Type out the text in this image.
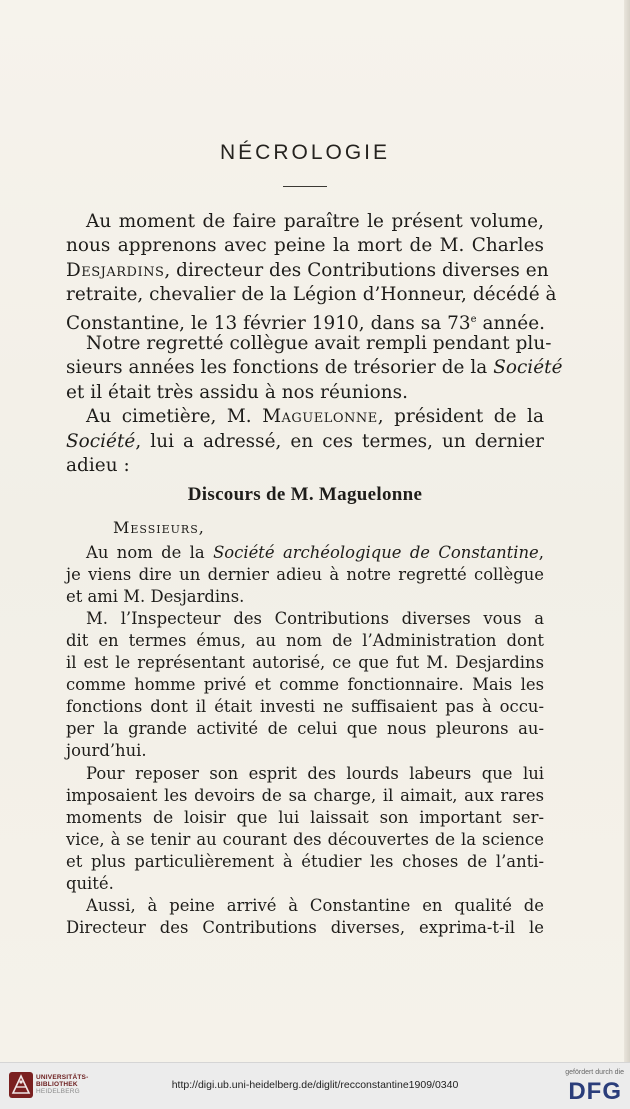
NÉCROLOGIE
Au moment de faire paraître le présent volume,
nous apprenons avec peine la mort de M. Charles
Desjardins, directeur des Contributions diverses en
retraite, chevalier de la Légion d’Honneur, décédé à
Constantine, le 13 février 1910, dans sa 73e année.
Notre regretté collègue avait rempli pendant plu-
sieurs années les fonctions de trésorier de la Société
et il était très assidu à nos réunions.
Au cimetière, M. Maguelonne, président de la
Société, lui a adressé, en ces termes, un dernier
adieu :
Discours de M. Maguelonne
Messieurs,
Au nom de la Société archéologique de Constantine,
je viens dire un dernier adieu à notre regretté collègue
et ami M. Desjardins.
M. l’Inspecteur des Contributions diverses vous a
dit en termes émus, au nom de l’Administration dont
il est le représentant autorisé, ce que fut M. Desjardins
comme homme privé et comme fonctionnaire. Mais les
fonctions dont il était investi ne suffisaient pas à occu-
per la grande activité de celui que nous pleurons au-
jourd’hui.
Pour reposer son esprit des lourds labeurs que lui
imposaient les devoirs de sa charge, il aimait, aux rares
moments de loisir que lui laissait son important ser-
vice, à se tenir au courant des découvertes de la science
et plus particulièrement à étudier les choses de l’anti-
quité.
Aussi, à peine arrivé à Constantine en qualité de
Directeur des Contributions diverses, exprima-t-il le
UNIVERSITÄTS-
BIBLIOTHEK
HEIDELBERG
http://digi.ub.uni-heidelberg.de/diglit/recconstantine1909/0340
gefördert durch die
DFG
